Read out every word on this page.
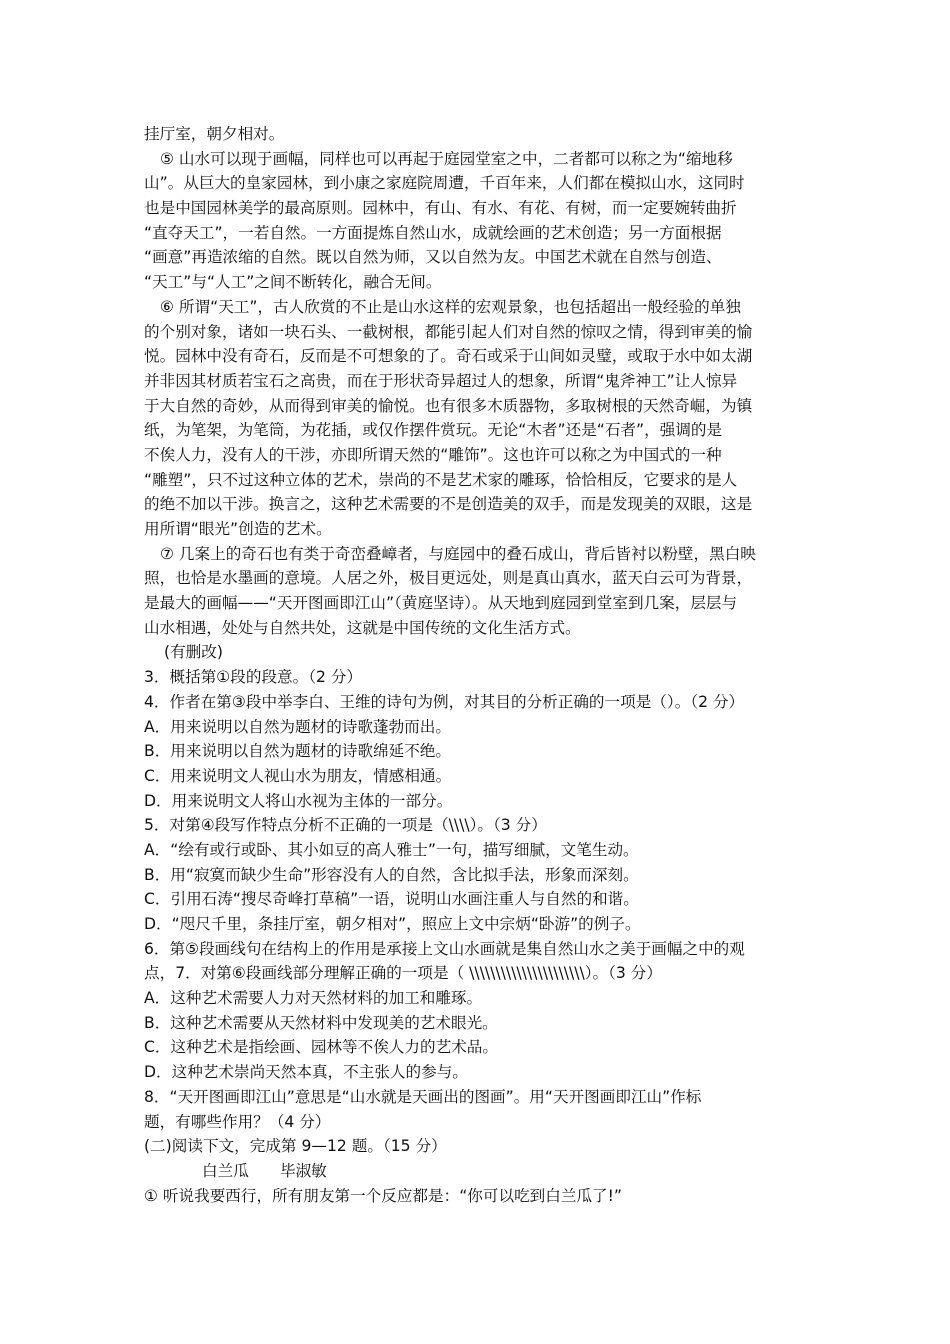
挂厅室，朝夕相对。
⑤ 山水可以现于画幅，同样也可以再起于庭园堂室之中，二者都可以称之为“缩地移
山”。从巨大的皇家园林，到小康之家庭院周遭，千百年来，人们都在模拟山水，这同时
也是中国园林美学的最高原则。园林中，有山、有水、有花、有树，而一定要婉转曲折
“直夺天工”，一若自然。一方面提炼自然山水，成就绘画的艺术创造；另一方面根据
“画意”再造浓缩的自然。既以自然为师，又以自然为友。中国艺术就在自然与创造、
“天工”与“人工”之间不断转化，融合无间。
⑥ 所谓“天工”，古人欣赏的不止是山水这样的宏观景象，也包括超出一般经验的单独
的个别对象，诸如一块石头、一截树根，都能引起人们对自然的惊叹之情，得到审美的愉
悦。园林中没有奇石，反而是不可想象的了。奇石或采于山间如灵璧，或取于水中如太湖
并非因其材质若宝石之高贵，而在于形状奇异超过人的想象，所谓“鬼斧神工”让人惊异
于大自然的奇妙，从而得到审美的愉悦。也有很多木质器物，多取树根的天然奇崛，为镇
纸，为笔架，为笔筒，为花插，或仅作摆件赏玩。无论“木者”还是“石者”，强调的是
不俟人力，没有人的干涉，亦即所谓天然的“雕饰”。这也许可以称之为中国式的一种
“雕塑”，只不过这种立体的艺术，崇尚的不是艺术家的雕琢，恰恰相反，它要求的是人
的绝不加以干涉。换言之，这种艺术需要的不是创造美的双手，而是发现美的双眼，这是
用所谓“眼光”创造的艺术。
⑦ 几案上的奇石也有类于奇峦叠嶂者，与庭园中的叠石成山，背后皆衬以粉壁，黑白映
照，也恰是水墨画的意境。人居之外，极目更远处，则是真山真水，蓝天白云可为背景，
是最大的画幅——“天开图画即江山”（黄庭坚诗）。从天地到庭园到堂室到几案，层层与
山水相遇，处处与自然共处，这就是中国传统的文化生活方式。
(有删改)
3．概括第①段的段意。（2 分）
4．作者在第③段中举李白、王维的诗句为例，对其目的分析正确的一项是（）。（2 分）
A．用来说明以自然为题材的诗歌蓬勃而出。
B．用来说明以自然为题材的诗歌绵延不绝。
C．用来说明文人视山水为朋友，情感相通。
D．用来说明文人将山水视为主体的一部分。
5．对第④段写作特点分析不正确的一项是（\\\\）。（3 分）
A．“绘有或行或卧、其小如豆的高人雅士”一句，描写细腻，文笔生动。
B．用“寂寞而缺少生命”形容没有人的自然，含比拟手法，形象而深刻。
C．引用石涛“搜尽奇峰打草稿”一语，说明山水画注重人与自然的和谐。
D．“咫尺千里，条挂厅室，朝夕相对”，照应上文中宗炳“卧游”的例子。
6．第⑤段画线句在结构上的作用是承接上文山水画就是集自然山水之美于画幅之中的观
点，7．对第⑥段画线部分理解正确的一项是（ \\\\\\\\\\\\\\\\\\\\\\）。（3 分）
A．这种艺术需要人力对天然材料的加工和雕琢。
B．这种艺术需要从天然材料中发现美的艺术眼光。
C．这种艺术是指绘画、园林等不俟人力的艺术品。
D．这种艺术崇尚天然本真，不主张人的参与。
8．“天开图画即江山”意思是“山水就是天画出的图画”。用“天开图画即江山”作标
题，有哪些作用？（4 分）
(二)阅读下文，完成第 9—12 题。（15 分）
白兰瓜　　毕淑敏
① 听说我要西行，所有朋友第一个反应都是：“你可以吃到白兰瓜了!”
